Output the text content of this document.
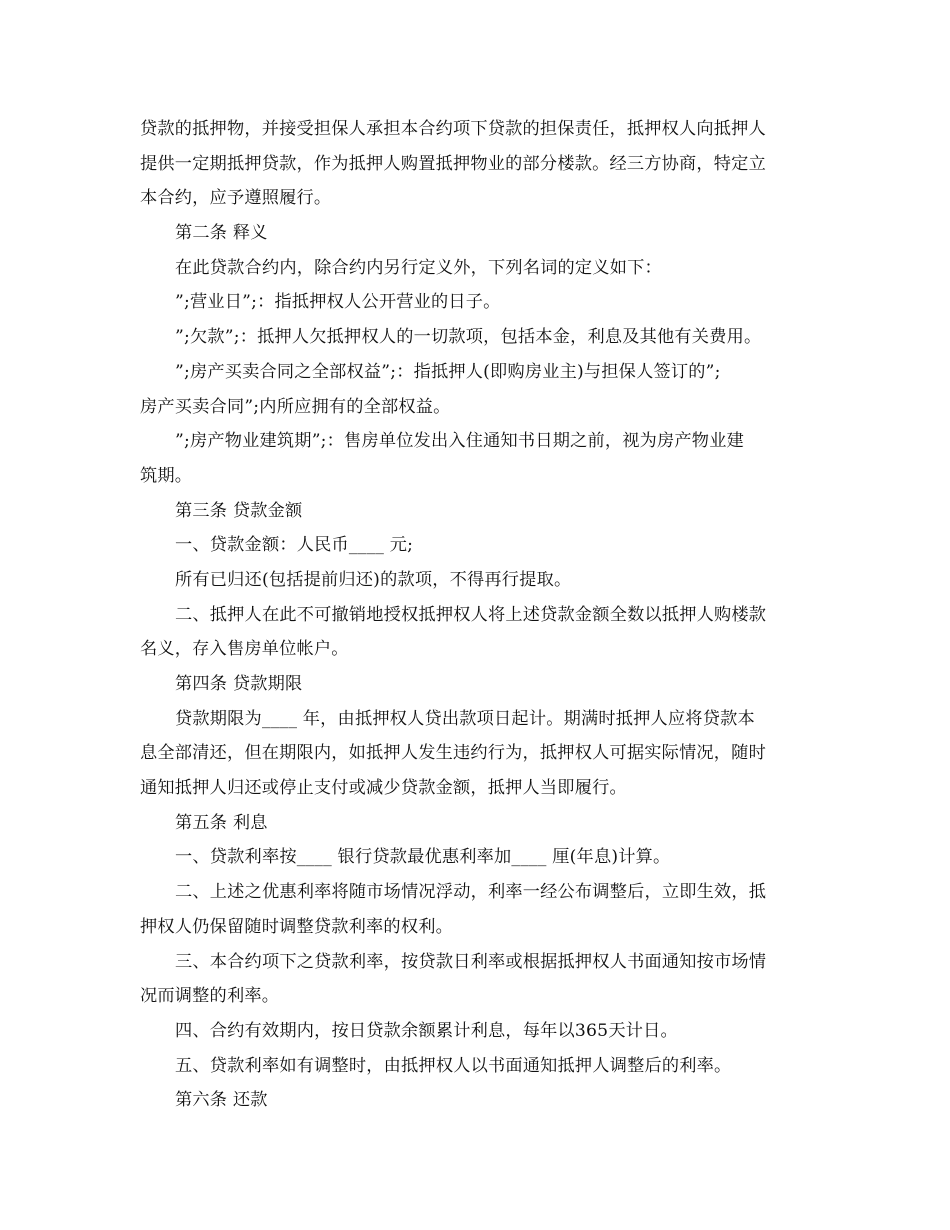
贷款的抵押物，并接受担保人承担本合约项下贷款的担保责任，抵押权人向抵押人
提供一定期抵押贷款，作为抵押人购置抵押物业的部分楼款。经三方协商，特定立
本合约，应予遵照履行。
第二条 释义
在此贷款合约内，除合约内另行定义外，下列名词的定义如下：
”;营业日”;：指抵押权人公开营业的日子。
”;欠款”;：抵押人欠抵押权人的一切款项，包括本金，利息及其他有关费用。
”;房产买卖合同之全部权益”;：指抵押人(即购房业主)与担保人签订的”;
房产买卖合同”;内所应拥有的全部权益。
”;房产物业建筑期”;：售房单位发出入住通知书日期之前，视为房产物业建
筑期。
第三条 贷款金额
一、贷款金额：人民币____ 元;
所有已归还(包括提前归还)的款项，不得再行提取。
二、抵押人在此不可撤销地授权抵押权人将上述贷款金额全数以抵押人购楼款
名义，存入售房单位帐户。
第四条 贷款期限
贷款期限为____ 年，由抵押权人贷出款项日起计。期满时抵押人应将贷款本
息全部清还，但在期限内，如抵押人发生违约行为，抵押权人可据实际情况，随时
通知抵押人归还或停止支付或减少贷款金额，抵押人当即履行。
第五条 利息
一、贷款利率按____ 银行贷款最优惠利率加____ 厘(年息)计算。
二、上述之优惠利率将随市场情况浮动，利率一经公布调整后，立即生效，抵
押权人仍保留随时调整贷款利率的权利。
三、本合约项下之贷款利率，按贷款日利率或根据抵押权人书面通知按市场情
况而调整的利率。
四、合约有效期内，按日贷款余额累计利息，每年以365天计日。
五、贷款利率如有调整时，由抵押权人以书面通知抵押人调整后的利率。
第六条 还款
